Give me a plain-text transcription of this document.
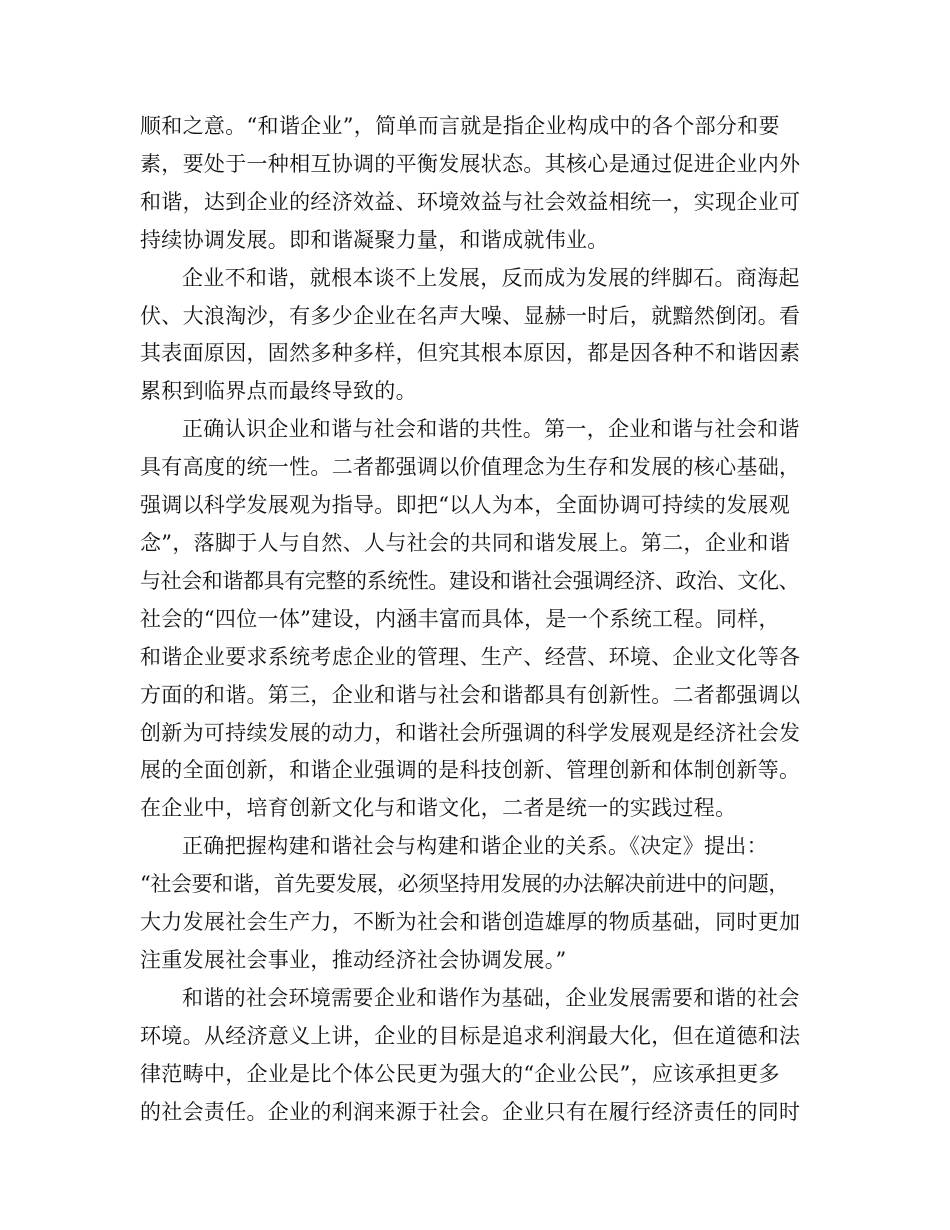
顺和之意。“和谐企业”，简单而言就是指企业构成中的各个部分和要
素，要处于一种相互协调的平衡发展状态。其核心是通过促进企业内外
和谐，达到企业的经济效益、环境效益与社会效益相统一，实现企业可
持续协调发展。即和谐凝聚力量，和谐成就伟业。
企业不和谐，就根本谈不上发展，反而成为发展的绊脚石。商海起
伏、大浪淘沙，有多少企业在名声大噪、显赫一时后，就黯然倒闭。看
其表面原因，固然多种多样，但究其根本原因，都是因各种不和谐因素
累积到临界点而最终导致的。
正确认识企业和谐与社会和谐的共性。第一，企业和谐与社会和谐
具有高度的统一性。二者都强调以价值理念为生存和发展的核心基础，
强调以科学发展观为指导。即把“以人为本，全面协调可持续的发展观
念”，落脚于人与自然、人与社会的共同和谐发展上。第二，企业和谐
与社会和谐都具有完整的系统性。建设和谐社会强调经济、政治、文化、
社会的“四位一体”建设，内涵丰富而具体，是一个系统工程。同样，
和谐企业要求系统考虑企业的管理、生产、经营、环境、企业文化等各
方面的和谐。第三，企业和谐与社会和谐都具有创新性。二者都强调以
创新为可持续发展的动力，和谐社会所强调的科学发展观是经济社会发
展的全面创新，和谐企业强调的是科技创新、管理创新和体制创新等。
在企业中，培育创新文化与和谐文化，二者是统一的实践过程。
正确把握构建和谐社会与构建和谐企业的关系。《决定》提出：
“社会要和谐，首先要发展，必须坚持用发展的办法解决前进中的问题，
大力发展社会生产力，不断为社会和谐创造雄厚的物质基础，同时更加
注重发展社会事业，推动经济社会协调发展。”
和谐的社会环境需要企业和谐作为基础，企业发展需要和谐的社会
环境。从经济意义上讲，企业的目标是追求利润最大化，但在道德和法
律范畴中，企业是比个体公民更为强大的“企业公民”，应该承担更多
的社会责任。企业的利润来源于社会。企业只有在履行经济责任的同时
